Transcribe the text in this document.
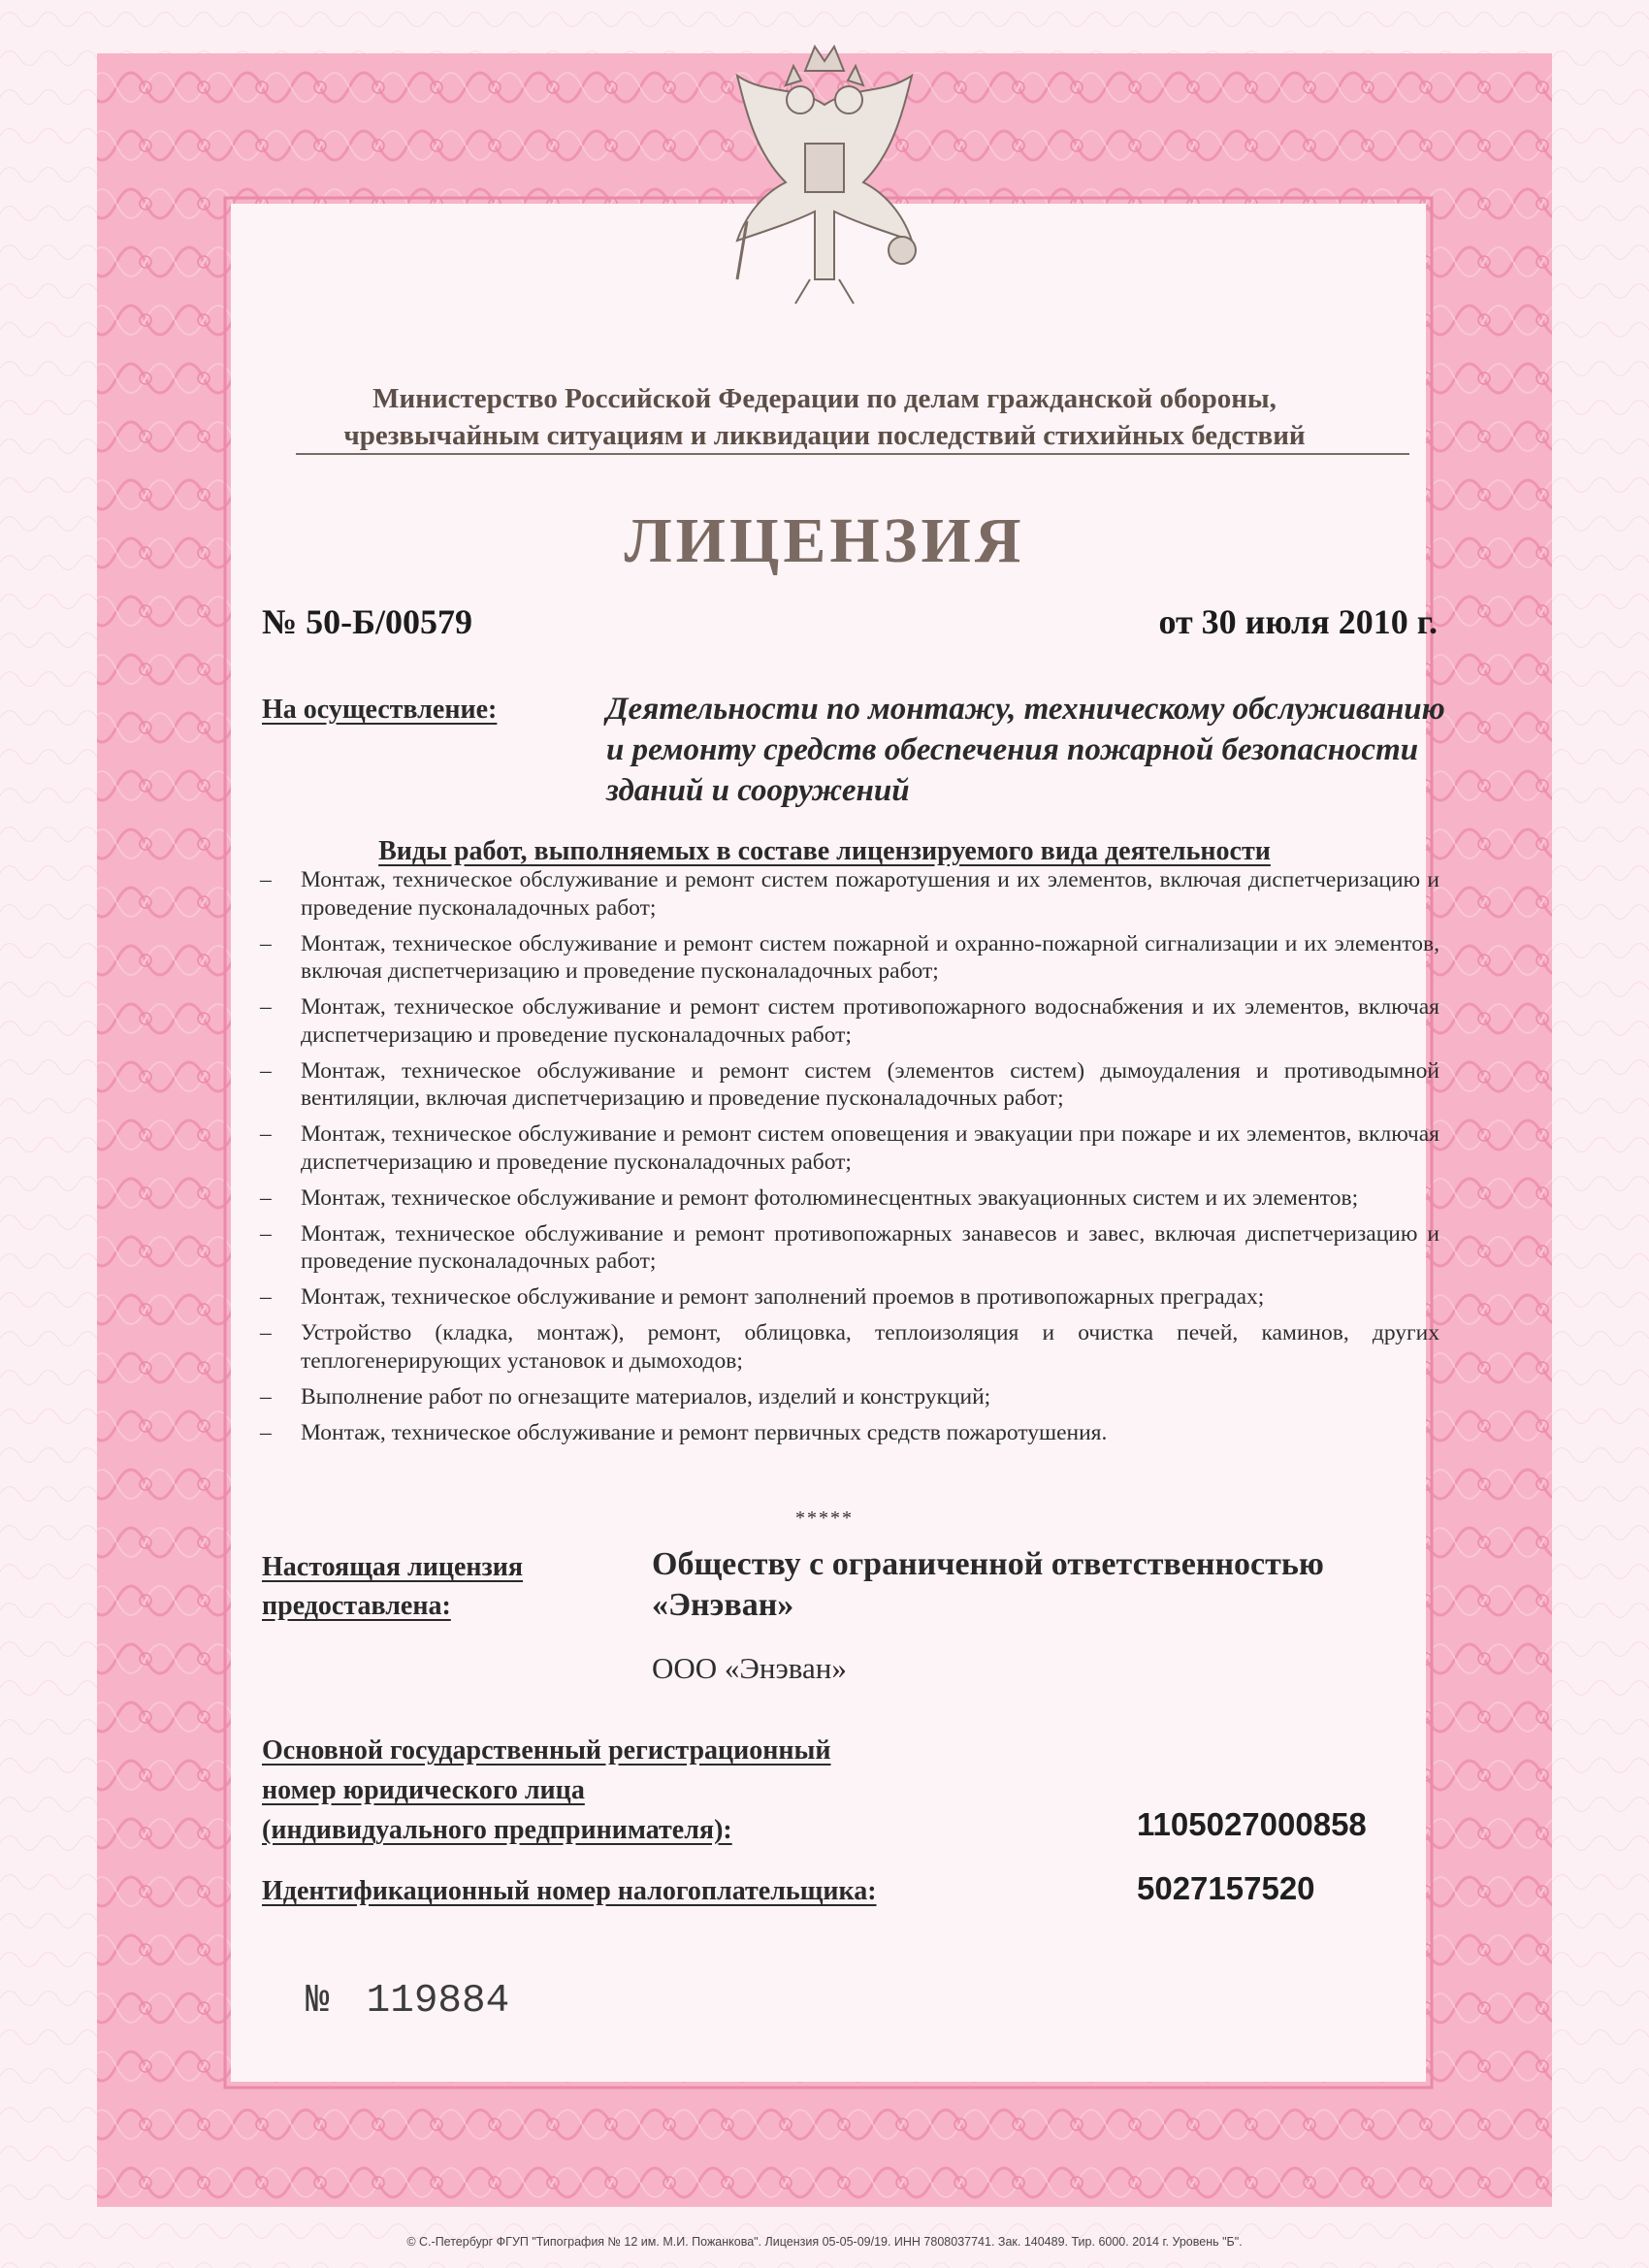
Министерство Российской Федерации по делам гражданской обороны,
чрезвычайным ситуациям и ликвидации последствий стихийных бедствий
ЛИЦЕНЗИЯ
№ 50-Б/00579	от 30 июля 2010 г.
На осуществление:	Деятельности по монтажу, техническому обслуживанию и ремонту средств обеспечения пожарной безопасности зданий и сооружений
Виды работ, выполняемых в составе лицензируемого вида деятельности
– Монтаж, техническое обслуживание и ремонт систем пожаротушения и их элементов, включая диспетчеризацию и проведение пусконаладочных работ;
– Монтаж, техническое обслуживание и ремонт систем пожарной и охранно-пожарной сигнализации и их элементов, включая диспетчеризацию и проведение пусконаладочных работ;
– Монтаж, техническое обслуживание и ремонт систем противопожарного водоснабжения и их элементов, включая диспетчеризацию и проведение пусконаладочных работ;
– Монтаж, техническое обслуживание и ремонт систем (элементов систем) дымоудаления и противодымной вентиляции, включая диспетчеризацию и проведение пусконаладочных работ;
– Монтаж, техническое обслуживание и ремонт систем оповещения и эвакуации при пожаре и их элементов, включая диспетчеризацию и проведение пусконаладочных работ;
– Монтаж, техническое обслуживание и ремонт фотолюминесцентных эвакуационных систем и их элементов;
– Монтаж, техническое обслуживание и ремонт противопожарных занавесов и завес, включая диспетчеризацию и проведение пусконаладочных работ;
– Монтаж, техническое обслуживание и ремонт заполнений проемов в противопожарных преградах;
– Устройство (кладка, монтаж), ремонт, облицовка, теплоизоляция и очистка печей, каминов, других теплогенерирующих установок и дымоходов;
– Выполнение работ по огнезащите материалов, изделий и конструкций;
– Монтаж, техническое обслуживание и ремонт первичных средств пожаротушения.
*****
Настоящая лицензия
предоставлена:
Обществу с ограниченной ответственностью «Энэван»
ООО «Энэван»
Основной государственный регистрационный
номер юридического лица
(индивидуального предпринимателя):	1105027000858
Идентификационный номер налогоплательщика:	5027157520
№ 119884
© С.-Петербург ФГУП "Типография № 12 им. М.И. Пожанкова". Лицензия 05-05-09/19. ИНН 7808037741. Зак. 140489. Тир. 6000. 2014 г. Уровень "Б".
